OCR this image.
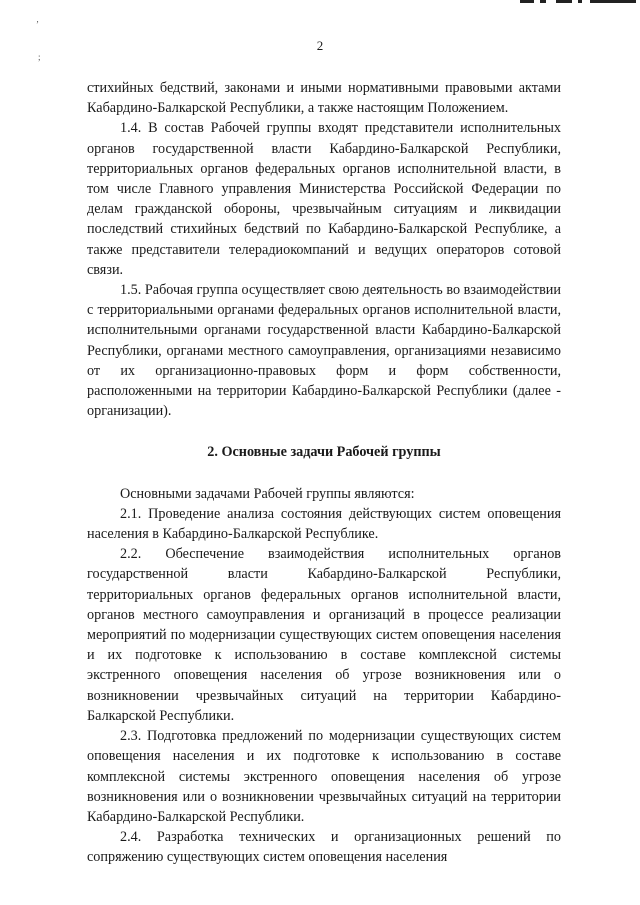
‚
;
2

стихийных бедствий, законами и иными нормативными правовыми актами Кабардино-Балкарской Республики, а также настоящим Положением.

1.4. В состав Рабочей группы входят представители исполнительных органов государственной власти Кабардино-Балкарской Республики, территориальных органов федеральных органов исполнительной власти, в том числе Главного управления Министерства Российской Федерации по делам гражданской обороны, чрезвычайным ситуациям и ликвидации последствий стихийных бедствий по Кабардино-Балкарской Республике, а также представители телерадиокомпаний и ведущих операторов сотовой связи.

1.5. Рабочая группа осуществляет свою деятельность во взаимодействии с территориальными органами федеральных органов исполнительной власти, исполнительными органами государственной власти Кабардино-Балкарской Республики, органами местного самоуправления, организациями независимо от их организационно-правовых форм и форм собственности, расположенными на территории Кабардино-Балкарской Республики (далее - организации).

2. Основные задачи Рабочей группы

Основными задачами Рабочей группы являются:

2.1. Проведение анализа состояния действующих систем оповещения населения в Кабардино-Балкарской Республике.

2.2. Обеспечение взаимодействия исполнительных органов государственной власти Кабардино-Балкарской Республики, территориальных органов федеральных органов исполнительной власти, органов местного самоуправления и организаций в процессе реализации мероприятий по модернизации существующих систем оповещения населения и их подготовке к использованию в составе комплексной системы экстренного оповещения населения об угрозе возникновения или о возникновении чрезвычайных ситуаций на территории Кабардино-Балкарской Республики.

2.3. Подготовка предложений по модернизации существующих систем оповещения населения и их подготовке к использованию в составе комплексной системы экстренного оповещения населения об угрозе возникновения или о возникновении чрезвычайных ситуаций на территории Кабардино-Балкарской Республики.

2.4. Разработка технических и организационных решений по сопряжению существующих систем оповещения населения
